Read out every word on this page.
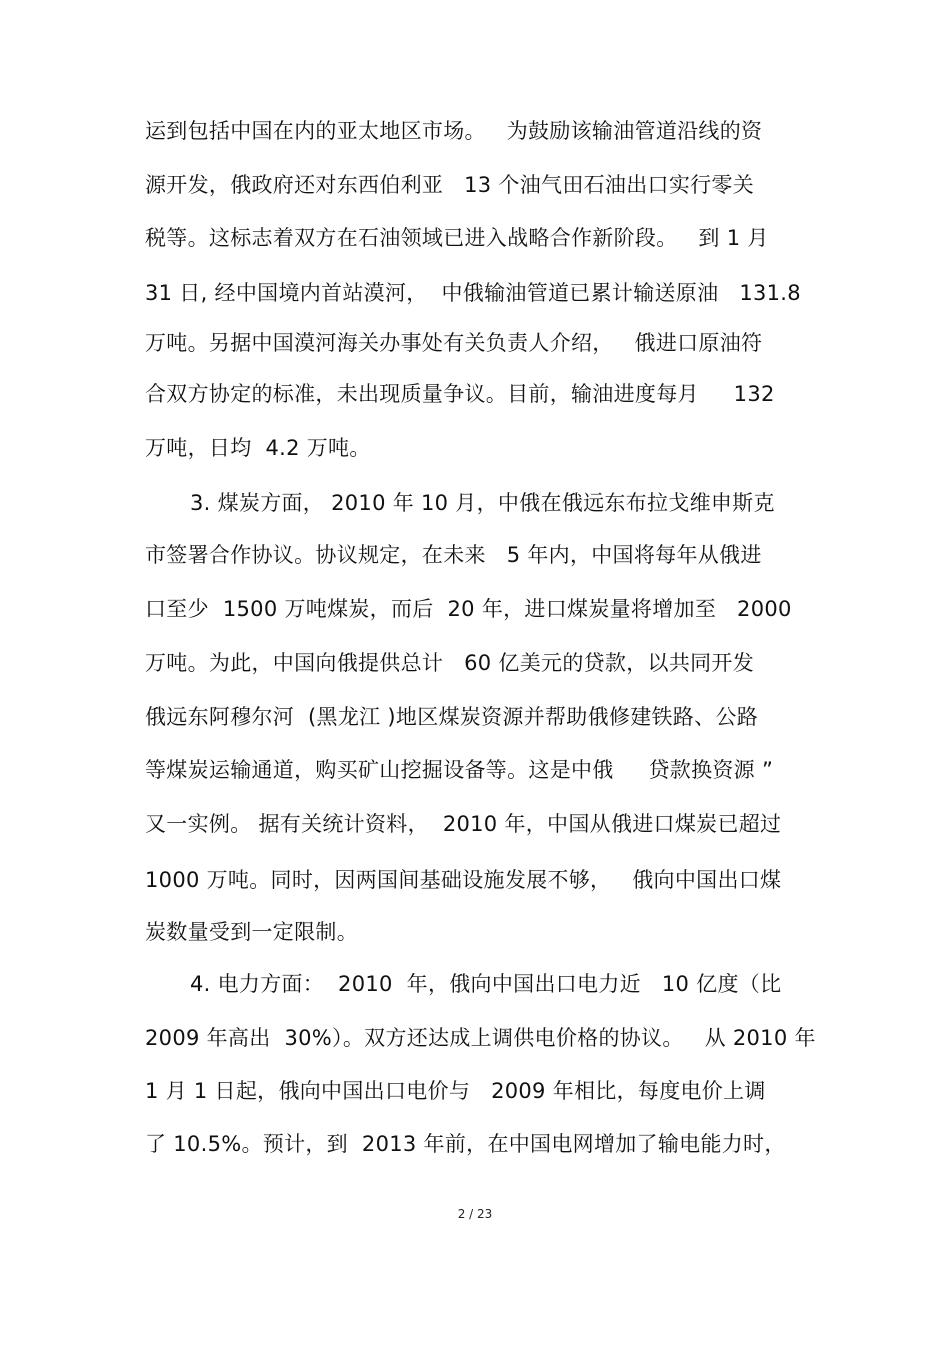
运到包括中国在内的亚太地区市场。   为鼓励该输油管道沿线的资
源开发，俄政府还对东西伯利亚   13 个油气田石油出口实行零关
税等。这标志着双方在石油领域已进入战略合作新阶段。   到 1 月
31 日, 经中国境内首站漠河，  中俄输油管道已累计输送原油   131.8
万吨。另据中国漠河海关办事处有关负责人介绍，   俄进口原油符
合双方协定的标准，未出现质量争议。目前，输油进度每月     132
万吨，日均  4.2 万吨。
3. 煤炭方面， 2010 年 10 月，中俄在俄远东布拉戈维申斯克
市签署合作协议。协议规定，在未来   5 年内，中国将每年从俄进
口至少  1500 万吨煤炭，而后  20 年，进口煤炭量将增加至   2000
万吨。为此，中国向俄提供总计   60 亿美元的贷款，以共同开发
俄远东阿穆尔河  (黑龙江 )地区煤炭资源并帮助俄修建铁路、公路
等煤炭运输通道，购买矿山挖掘设备等。这是中俄     贷款换资源 ”
又一实例。 据有关统计资料，  2010 年，中国从俄进口煤炭已超过
1000 万吨。同时，因两国间基础设施发展不够，   俄向中国出口煤
炭数量受到一定限制。
4. 电力方面：  2010  年，俄向中国出口电力近   10 亿度（比
2009 年高出  30%）。双方还达成上调供电价格的协议。   从 2010 年
1 月 1 日起，俄向中国出口电价与   2009 年相比，每度电价上调
了 10.5%。预计，到  2013 年前，在中国电网增加了输电能力时，
2 / 23
